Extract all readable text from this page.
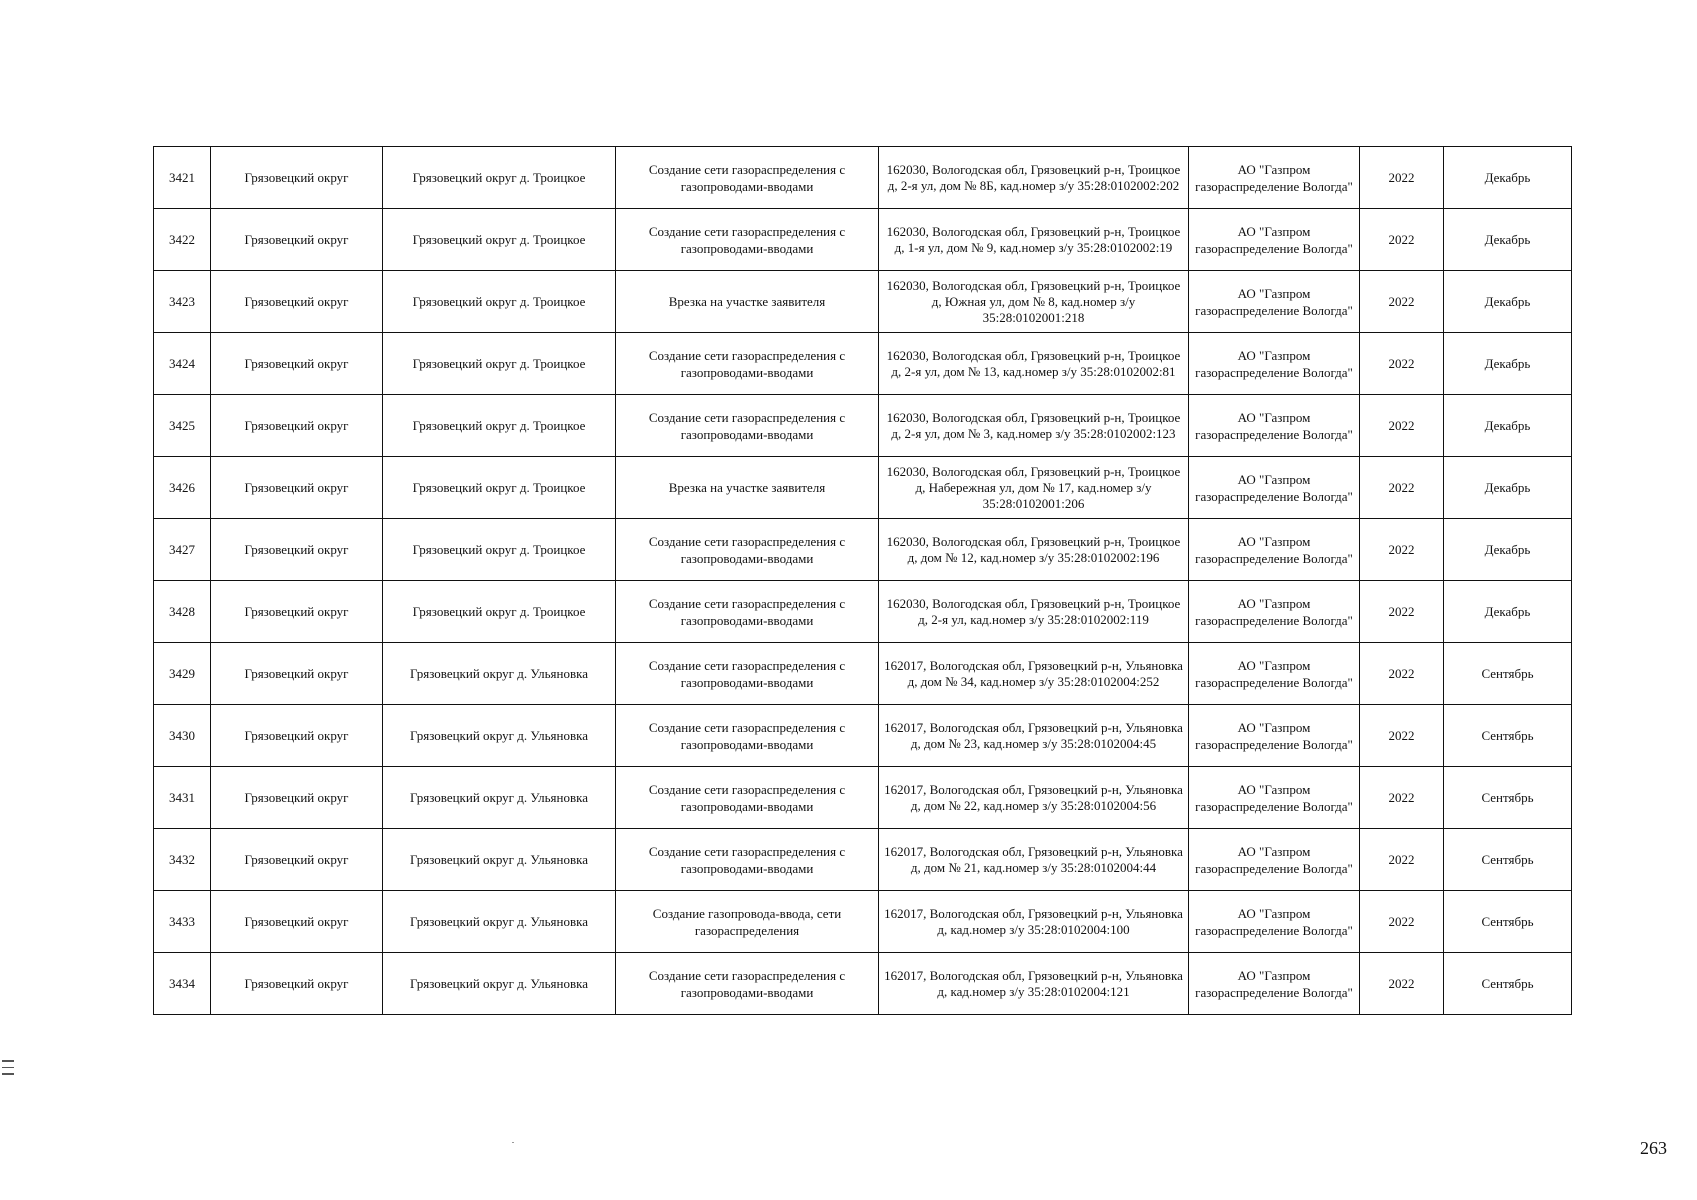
3421	Грязовецкий округ	Грязовецкий округ д. Троицкое	Создание сети газораспределения с газопроводами-вводами	162030, Вологодская обл, Грязовецкий р-н, Троицкое д, 2-я ул, дом № 8Б, кад.номер з/у 35:28:0102002:202	АО "Газпром газораспределение Вологда"	2022	Декабрь
3422	Грязовецкий округ	Грязовецкий округ д. Троицкое	Создание сети газораспределения с газопроводами-вводами	162030, Вологодская обл, Грязовецкий р-н, Троицкое д, 1-я ул, дом № 9, кад.номер з/у 35:28:0102002:19	АО "Газпром газораспределение Вологда"	2022	Декабрь
3423	Грязовецкий округ	Грязовецкий округ д. Троицкое	Врезка на участке заявителя	162030, Вологодская обл, Грязовецкий р-н, Троицкое д, Южная ул, дом № 8, кад.номер з/у 35:28:0102001:218	АО "Газпром газораспределение Вологда"	2022	Декабрь
3424	Грязовецкий округ	Грязовецкий округ д. Троицкое	Создание сети газораспределения с газопроводами-вводами	162030, Вологодская обл, Грязовецкий р-н, Троицкое д, 2-я ул, дом № 13, кад.номер з/у 35:28:0102002:81	АО "Газпром газораспределение Вологда"	2022	Декабрь
3425	Грязовецкий округ	Грязовецкий округ д. Троицкое	Создание сети газораспределения с газопроводами-вводами	162030, Вологодская обл, Грязовецкий р-н, Троицкое д, 2-я ул, дом № 3, кад.номер з/у 35:28:0102002:123	АО "Газпром газораспределение Вологда"	2022	Декабрь
3426	Грязовецкий округ	Грязовецкий округ д. Троицкое	Врезка на участке заявителя	162030, Вологодская обл, Грязовецкий р-н, Троицкое д, Набережная ул, дом № 17, кад.номер з/у 35:28:0102001:206	АО "Газпром газораспределение Вологда"	2022	Декабрь
3427	Грязовецкий округ	Грязовецкий округ д. Троицкое	Создание сети газораспределения с газопроводами-вводами	162030, Вологодская обл, Грязовецкий р-н, Троицкое д, дом № 12, кад.номер з/у 35:28:0102002:196	АО "Газпром газораспределение Вологда"	2022	Декабрь
3428	Грязовецкий округ	Грязовецкий округ д. Троицкое	Создание сети газораспределения с газопроводами-вводами	162030, Вологодская обл, Грязовецкий р-н, Троицкое д, 2-я ул, кад.номер з/у 35:28:0102002:119	АО "Газпром газораспределение Вологда"	2022	Декабрь
3429	Грязовецкий округ	Грязовецкий округ д. Ульяновка	Создание сети газораспределения с газопроводами-вводами	162017, Вологодская обл, Грязовецкий р-н, Ульяновка д, дом № 34, кад.номер з/у 35:28:0102004:252	АО "Газпром газораспределение Вологда"	2022	Сентябрь
3430	Грязовецкий округ	Грязовецкий округ д. Ульяновка	Создание сети газораспределения с газопроводами-вводами	162017, Вологодская обл, Грязовецкий р-н, Ульяновка д, дом № 23, кад.номер з/у 35:28:0102004:45	АО "Газпром газораспределение Вологда"	2022	Сентябрь
3431	Грязовецкий округ	Грязовецкий округ д. Ульяновка	Создание сети газораспределения с газопроводами-вводами	162017, Вологодская обл, Грязовецкий р-н, Ульяновка д, дом № 22, кад.номер з/у 35:28:0102004:56	АО "Газпром газораспределение Вологда"	2022	Сентябрь
3432	Грязовецкий округ	Грязовецкий округ д. Ульяновка	Создание сети газораспределения с газопроводами-вводами	162017, Вологодская обл, Грязовецкий р-н, Ульяновка д, дом № 21, кад.номер з/у 35:28:0102004:44	АО "Газпром газораспределение Вологда"	2022	Сентябрь
3433	Грязовецкий округ	Грязовецкий округ д. Ульяновка	Создание газопровода-ввода, сети газораспределения	162017, Вологодская обл, Грязовецкий р-н, Ульяновка д, кад.номер з/у 35:28:0102004:100	АО "Газпром газораспределение Вологда"	2022	Сентябрь
3434	Грязовецкий округ	Грязовецкий округ д. Ульяновка	Создание сети газораспределения с газопроводами-вводами	162017, Вологодская обл, Грязовецкий р-н, Ульяновка д, кад.номер з/у 35:28:0102004:121	АО "Газпром газораспределение Вологда"	2022	Сентябрь
263
